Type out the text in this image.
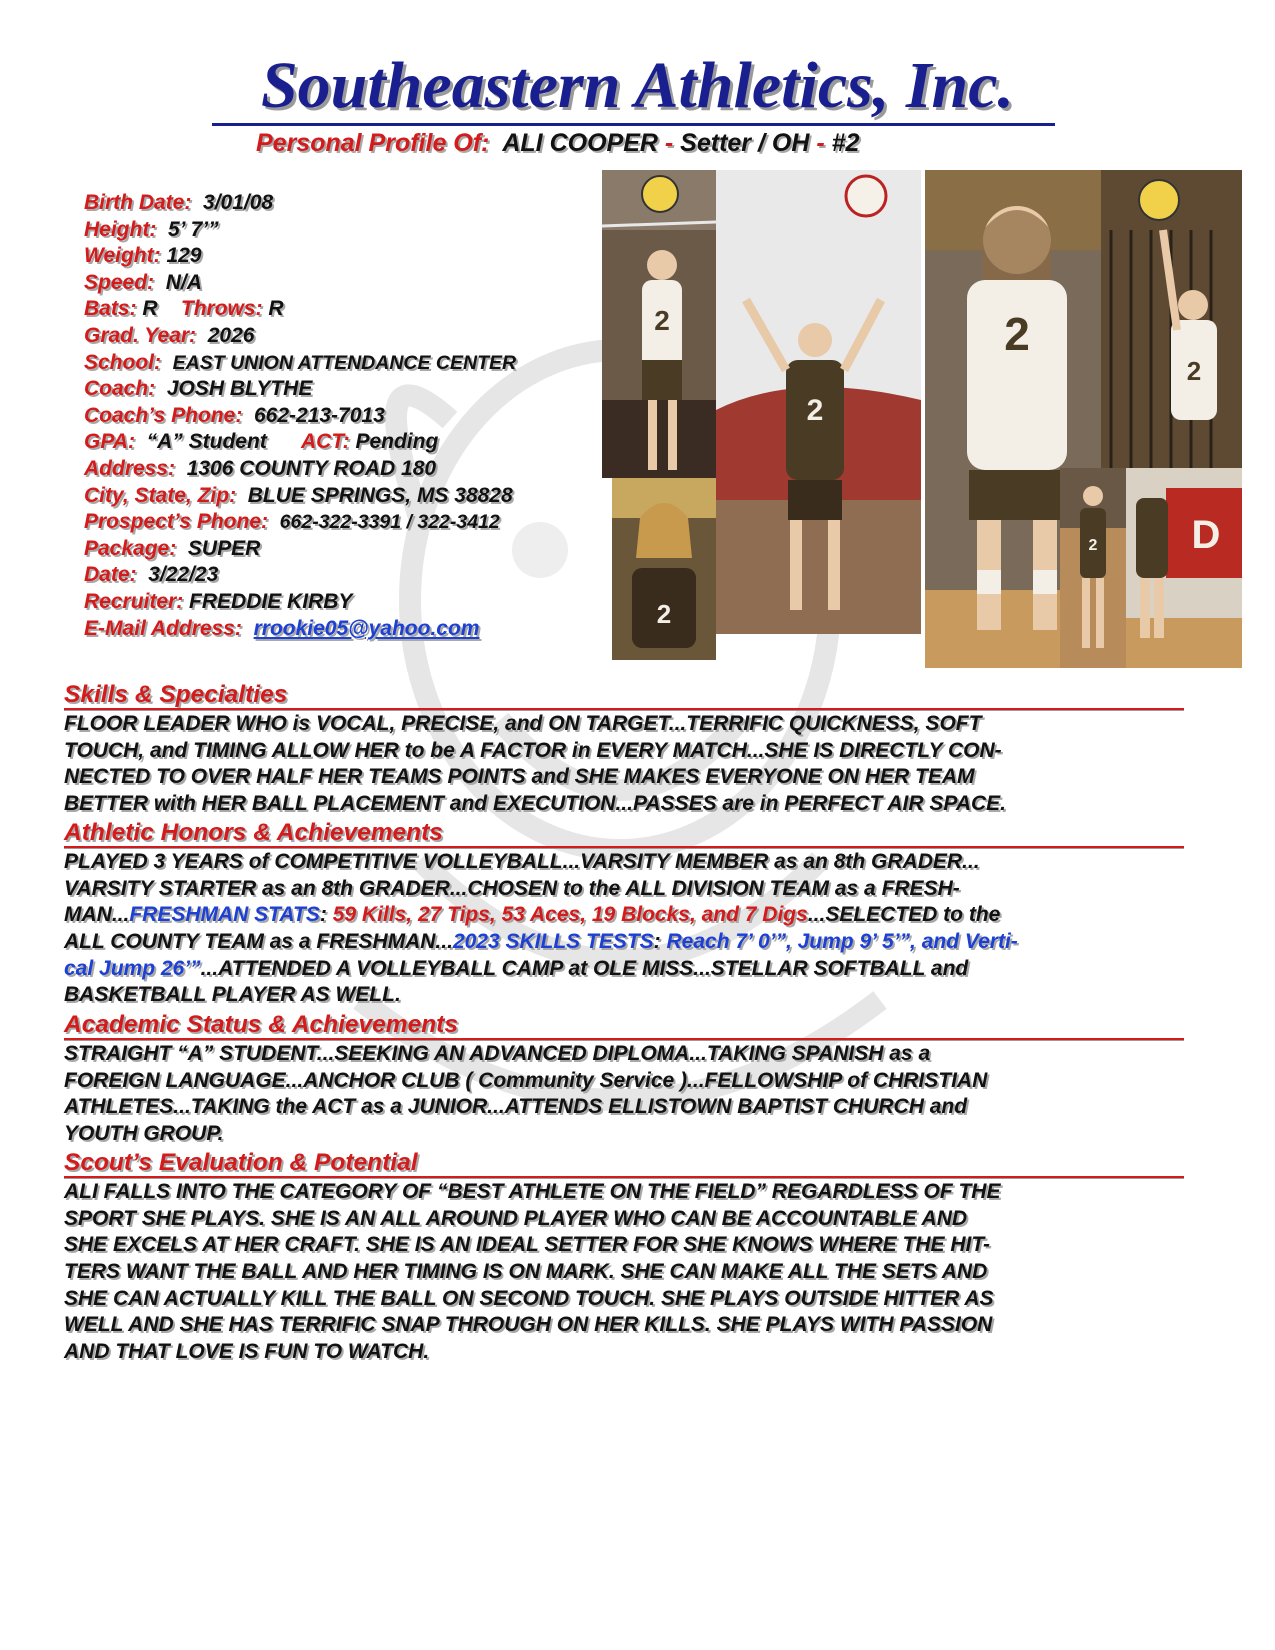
Southeastern Athletics, Inc.
Personal Profile Of: ALI COOPER - Setter / OH - #2
Birth Date: 3/01/08
Height: 5’ 7’”
Weight: 129
Speed: N/A
Bats: R Throws: R
Grad. Year: 2026
School: EAST UNION ATTENDANCE CENTER
Coach: JOSH BLYTHE
Coach’s Phone: 662-213-7013
GPA: “A” Student ACT: Pending
Address: 1306 COUNTY ROAD 180
City, State, Zip: BLUE SPRINGS, MS 38828
Prospect’s Phone: 662-322-3391 / 322-3412
Package: SUPER
Date: 3/22/23
Recruiter: FREDDIE KIRBY
E-Mail Address: rrookie05@yahoo.com
2
2
2
2
2
2 D
Skills & Specialties
FLOOR LEADER WHO is VOCAL, PRECISE, and ON TARGET...TERRIFIC QUICKNESS, SOFT
TOUCH, and TIMING ALLOW HER to be A FACTOR in EVERY MATCH...SHE IS DIRECTLY CON-
NECTED TO OVER HALF HER TEAMS POINTS and SHE MAKES EVERYONE ON HER TEAM
BETTER with HER BALL PLACEMENT and EXECUTION...PASSES are in PERFECT AIR SPACE.
Athletic Honors & Achievements
PLAYED 3 YEARS of COMPETITIVE VOLLEYBALL...VARSITY MEMBER as an 8th GRADER...
VARSITY STARTER as an 8th GRADER...CHOSEN to the ALL DIVISION TEAM as a FRESH-
MAN...FRESHMAN STATS: 59 Kills, 27 Tips, 53 Aces, 19 Blocks, and 7 Digs...SELECTED to the
ALL COUNTY TEAM as a FRESHMAN...2023 SKILLS TESTS: Reach 7’ 0’”, Jump 9’ 5’”, and Verti-
cal Jump 26’”...ATTENDED A VOLLEYBALL CAMP at OLE MISS...STELLAR SOFTBALL and
BASKETBALL PLAYER AS WELL.
Academic Status & Achievements
STRAIGHT “A” STUDENT...SEEKING AN ADVANCED DIPLOMA...TAKING SPANISH as a
FOREIGN LANGUAGE...ANCHOR CLUB ( Community Service )...FELLOWSHIP of CHRISTIAN
ATHLETES...TAKING the ACT as a JUNIOR...ATTENDS ELLISTOWN BAPTIST CHURCH and
YOUTH GROUP.
Scout’s Evaluation & Potential
ALI FALLS INTO THE CATEGORY OF “BEST ATHLETE ON THE FIELD” REGARDLESS OF THE
SPORT SHE PLAYS. SHE IS AN ALL AROUND PLAYER WHO CAN BE ACCOUNTABLE AND
SHE EXCELS AT HER CRAFT. SHE IS AN IDEAL SETTER FOR SHE KNOWS WHERE THE HIT-
TERS WANT THE BALL AND HER TIMING IS ON MARK. SHE CAN MAKE ALL THE SETS AND
SHE CAN ACTUALLY KILL THE BALL ON SECOND TOUCH. SHE PLAYS OUTSIDE HITTER AS
WELL AND SHE HAS TERRIFIC SNAP THROUGH ON HER KILLS. SHE PLAYS WITH PASSION
AND THAT LOVE IS FUN TO WATCH.
